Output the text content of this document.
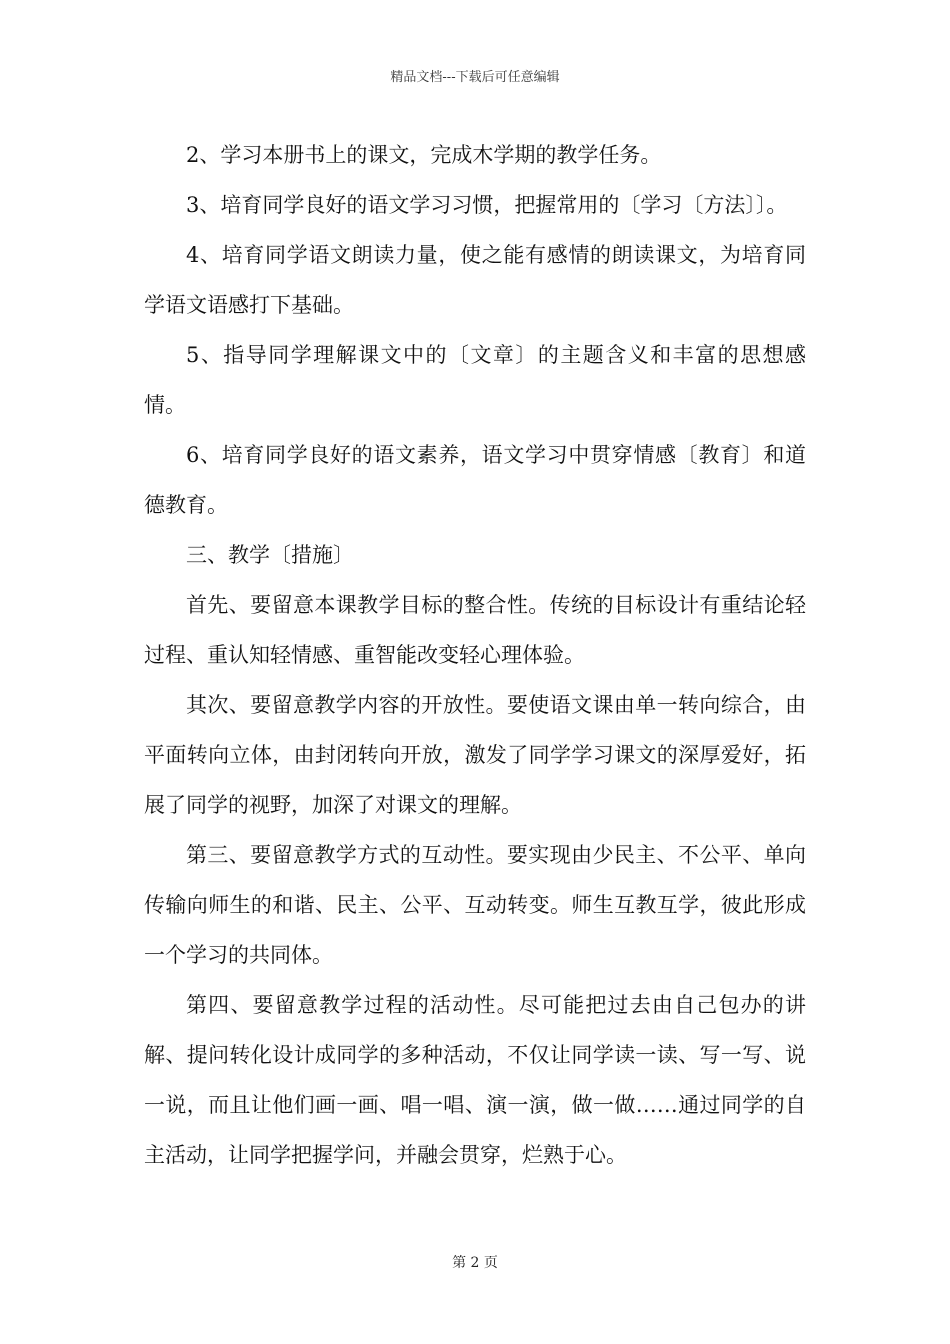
精品文档---下载后可任意编辑

2、学习本册书上的课文，完成木学期的教学任务。

3、培育同学良好的语文学习习惯，把握常用的〔学习〔方法〕〕。

4、培育同学语文朗读力量，使之能有感情的朗读课文，为培育同学语文语感打下基础。

5、指导同学理解课文中的〔文章〕的主题含义和丰富的思想感情。

6、培育同学良好的语文素养，语文学习中贯穿情感〔教育〕和道德教育。

三、教学〔措施〕

首先、要留意本课教学目标的整合性。传统的目标设计有重结论轻过程、重认知轻情感、重智能改变轻心理体验。

其次、要留意教学内容的开放性。要使语文课由单一转向综合，由平面转向立体，由封闭转向开放，激发了同学学习课文的深厚爱好，拓展了同学的视野，加深了对课文的理解。

第三、要留意教学方式的互动性。要实现由少民主、不公平、单向传输向师生的和谐、民主、公平、互动转变。师生互教互学，彼此形成一个学习的共同体。

第四、要留意教学过程的活动性。尽可能把过去由自己包办的讲解、提问转化设计成同学的多种活动，不仅让同学读一读、写一写、说一说，而且让他们画一画、唱一唱、演一演，做一做……通过同学的自主活动，让同学把握学问，并融会贯穿，烂熟于心。

第 2 页
